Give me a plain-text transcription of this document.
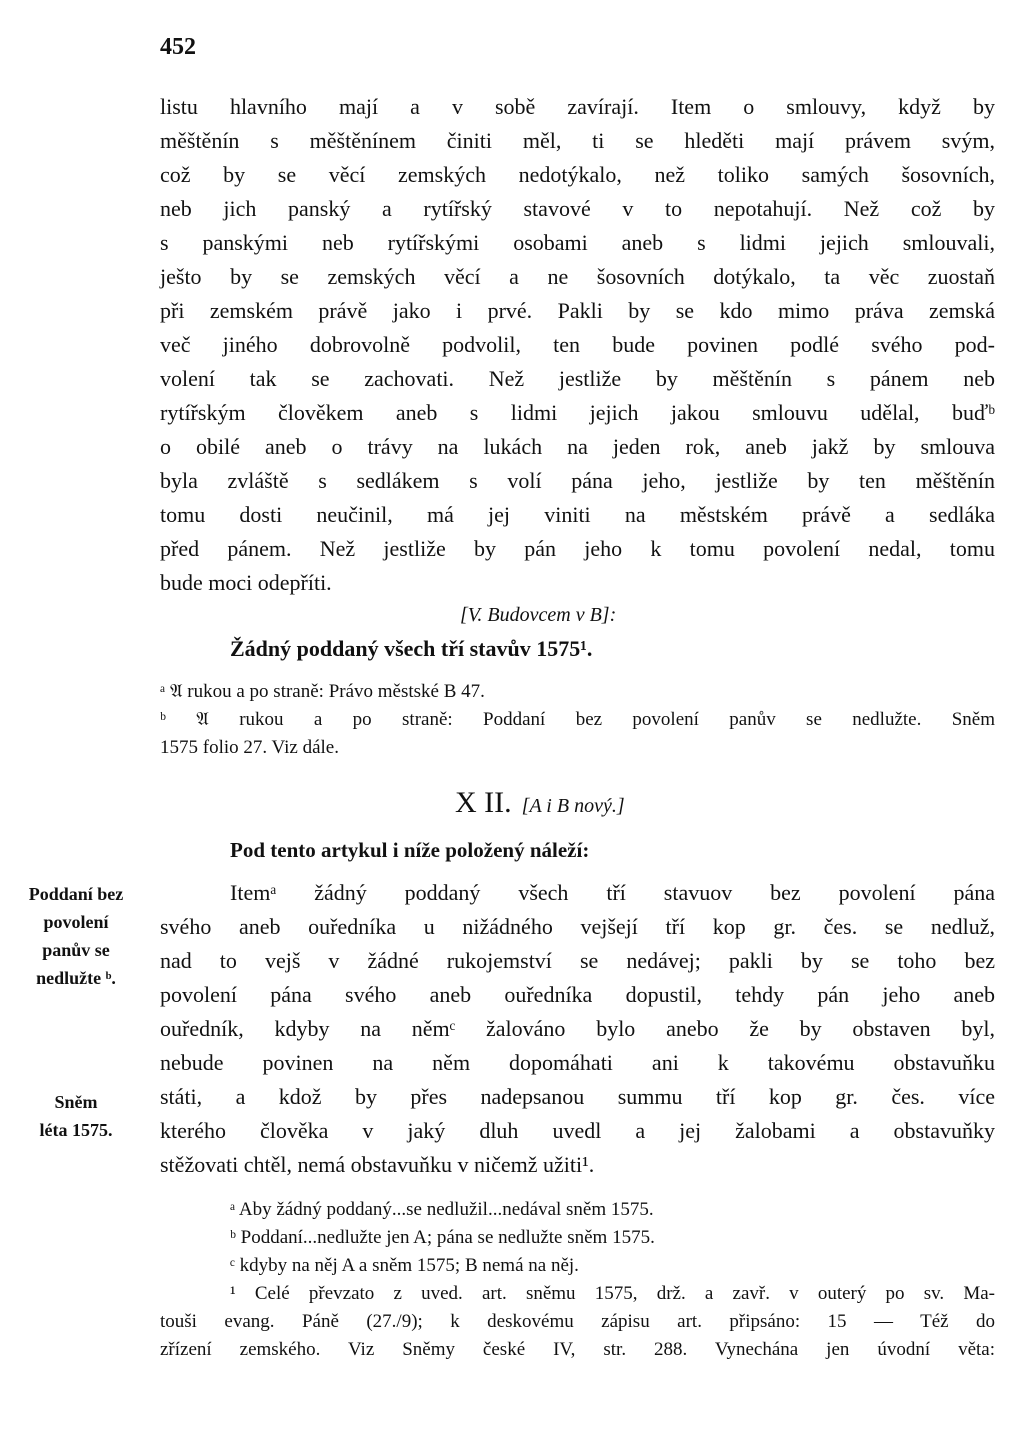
452
listu hlavního mají a v sobě zavírají. Item o smlouvy, když by
měštěnín s měštěnínem činiti měl, ti se hleděti mají právem svým,
což by se věcí zemských nedotýkalo, než toliko samých šosovních,
neb jich panský a rytířský stavové v to nepotahují. Než což by
s panskými neb rytířskými osobami aneb s lidmi jejich smlouvali,
ješto by se zemských věcí a ne šosovních dotýkalo, ta věc zuostaň
při zemském právě jako i prvé. Pakli by se kdo mimo práva zemská
več jiného dobrovolně podvolil, ten bude povinen podlé svého pod-
volení tak se zachovati. Než jestliže by měštěnín s pánem neb
rytířským člověkem aneb s lidmi jejich jakou smlouvu udělal, buďᵇ
o obilé aneb o trávy na lukách na jeden rok, aneb jakž by smlouva
byla zvláště s sedlákem s volí pána jeho, jestliže by ten měštěnín
tomu dosti neučinil, má jej viniti na městském právě a sedláka
před pánem. Než jestliže by pán jeho k tomu povolení nedal, tomu
bude moci odepříti.
[V. Budovcem v B]:
Žádný poddaný všech tří stavův 1575¹.
ᵃ 𝔄 rukou a po straně: Právo městské B 47.
ᵇ 𝔄 rukou a po straně: Poddaní bez povolení panův se nedlužte. Sněm
1575 folio 27. Viz dále.
X II. [A i B nový.]
Pod tento artykul i níže položený náleží:
Poddaní bez
povolení
panův se
nedlužte ᵇ.
Sněm
léta 1575.
Itemᵃ žádný poddaný všech tří stavuov bez povolení pána
svého aneb ouředníka u nižádného vejšejí tří kop gr. čes. se nedluž,
nad to vejš v žádné rukojemství se nedávej; pakli by se toho bez
povolení pána svého aneb ouředníka dopustil, tehdy pán jeho aneb
ouředník, kdyby na němᶜ žalováno bylo anebo že by obstaven byl,
nebude povinen na něm dopomáhati ani k takovému obstavuňku
státi, a kdož by přes nadepsanou summu tří kop gr. čes. více
kterého člověka v jaký dluh uvedl a jej žalobami a obstavuňky
stěžovati chtěl, nemá obstavuňku v ničemž užiti¹.
ᵃ Aby žádný poddaný...se nedlužil...nedával sněm 1575.
ᵇ Poddaní...nedlužte jen A; pána se nedlužte sněm 1575.
ᶜ kdyby na něj A a sněm 1575; B nemá na něj.
¹ Celé převzato z uved. art. sněmu 1575, drž. a zavř. v outerý po sv. Ma-
touši evang. Páně (27./9); k deskovému zápisu art. připsáno: 15 — Též do
zřízení zemského. Viz Sněmy české IV, str. 288. Vynechána jen úvodní věta:
